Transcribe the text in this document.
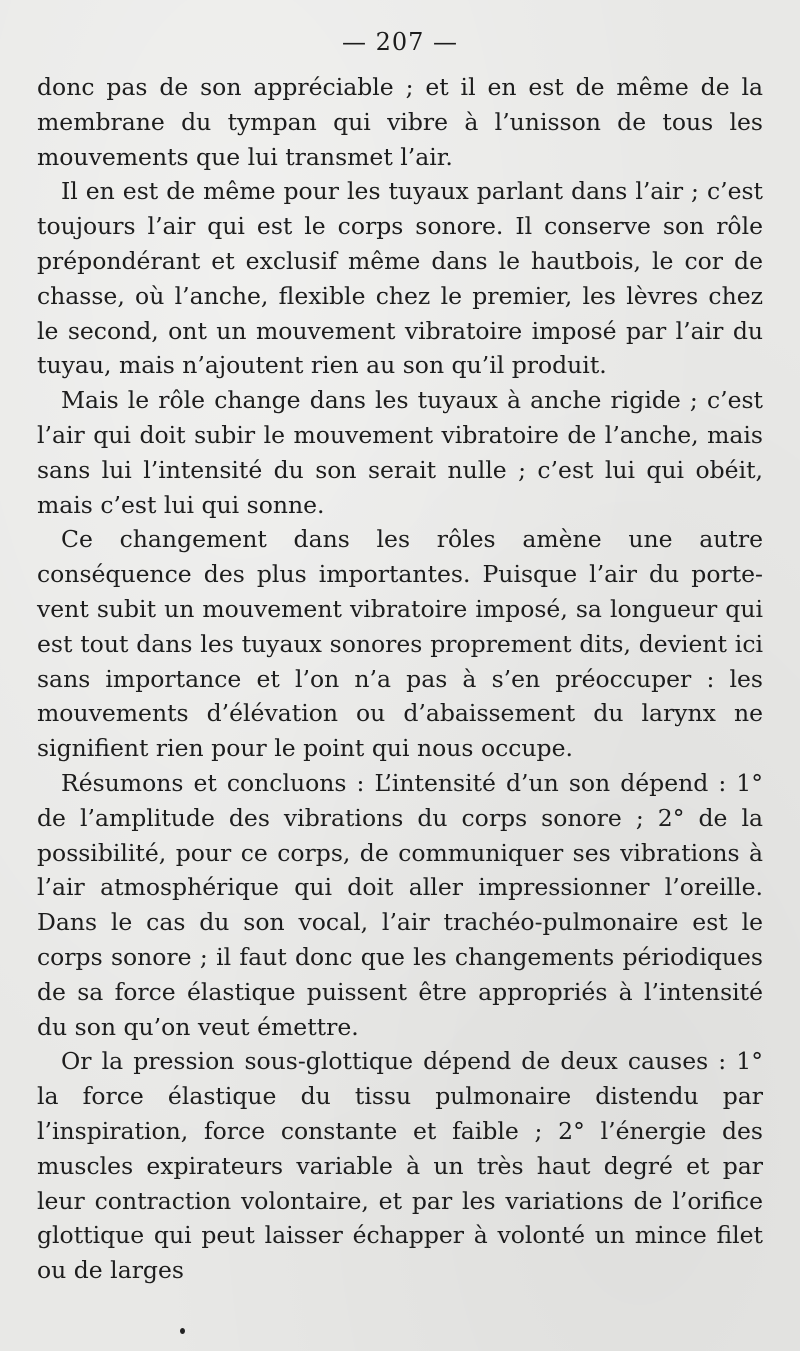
— 207 —

donc pas de son appréciable ; et il en est de même de la membrane du tympan qui vibre à l’unisson de tous les mouvements que lui transmet l’air.

Il en est de même pour les tuyaux parlant dans l’air ; c’est toujours l’air qui est le corps sonore. Il conserve son rôle prépondérant et exclusif même dans le hautbois, le cor de chasse, où l’anche, flexible chez le premier, les lèvres chez le second, ont un mouvement vibratoire imposé par l’air du tuyau, mais n’ajoutent rien au son qu’il produit.

Mais le rôle change dans les tuyaux à anche rigide ; c’est l’air qui doit subir le mouvement vibratoire de l’anche, mais sans lui l’intensité du son serait nulle ; c’est lui qui obéit, mais c’est lui qui sonne.

Ce changement dans les rôles amène une autre conséquence des plus importantes. Puisque l’air du porte-vent subit un mouvement vibratoire imposé, sa longueur qui est tout dans les tuyaux sonores proprement dits, devient ici sans importance et l’on n’a pas à s’en préoccuper : les mouvements d’élévation ou d’abaissement du larynx ne signifient rien pour le point qui nous occupe.

Résumons et concluons : L’intensité d’un son dépend : 1° de l’amplitude des vibrations du corps sonore ; 2° de la possibilité, pour ce corps, de communiquer ses vibrations à l’air atmosphérique qui doit aller impressionner l’oreille. Dans le cas du son vocal, l’air trachéo-pulmonaire est le corps sonore ; il faut donc que les changements périodiques de sa force élastique puissent être appropriés à l’intensité du son qu’on veut émettre.

Or la pression sous-glottique dépend de deux causes : 1° la force élastique du tissu pulmonaire distendu par l’inspiration, force constante et faible ; 2° l’énergie des muscles expirateurs variable à un très haut degré et par leur contraction volontaire, et par les variations de l’orifice glottique qui peut laisser échapper à volonté un mince filet ou de larges
